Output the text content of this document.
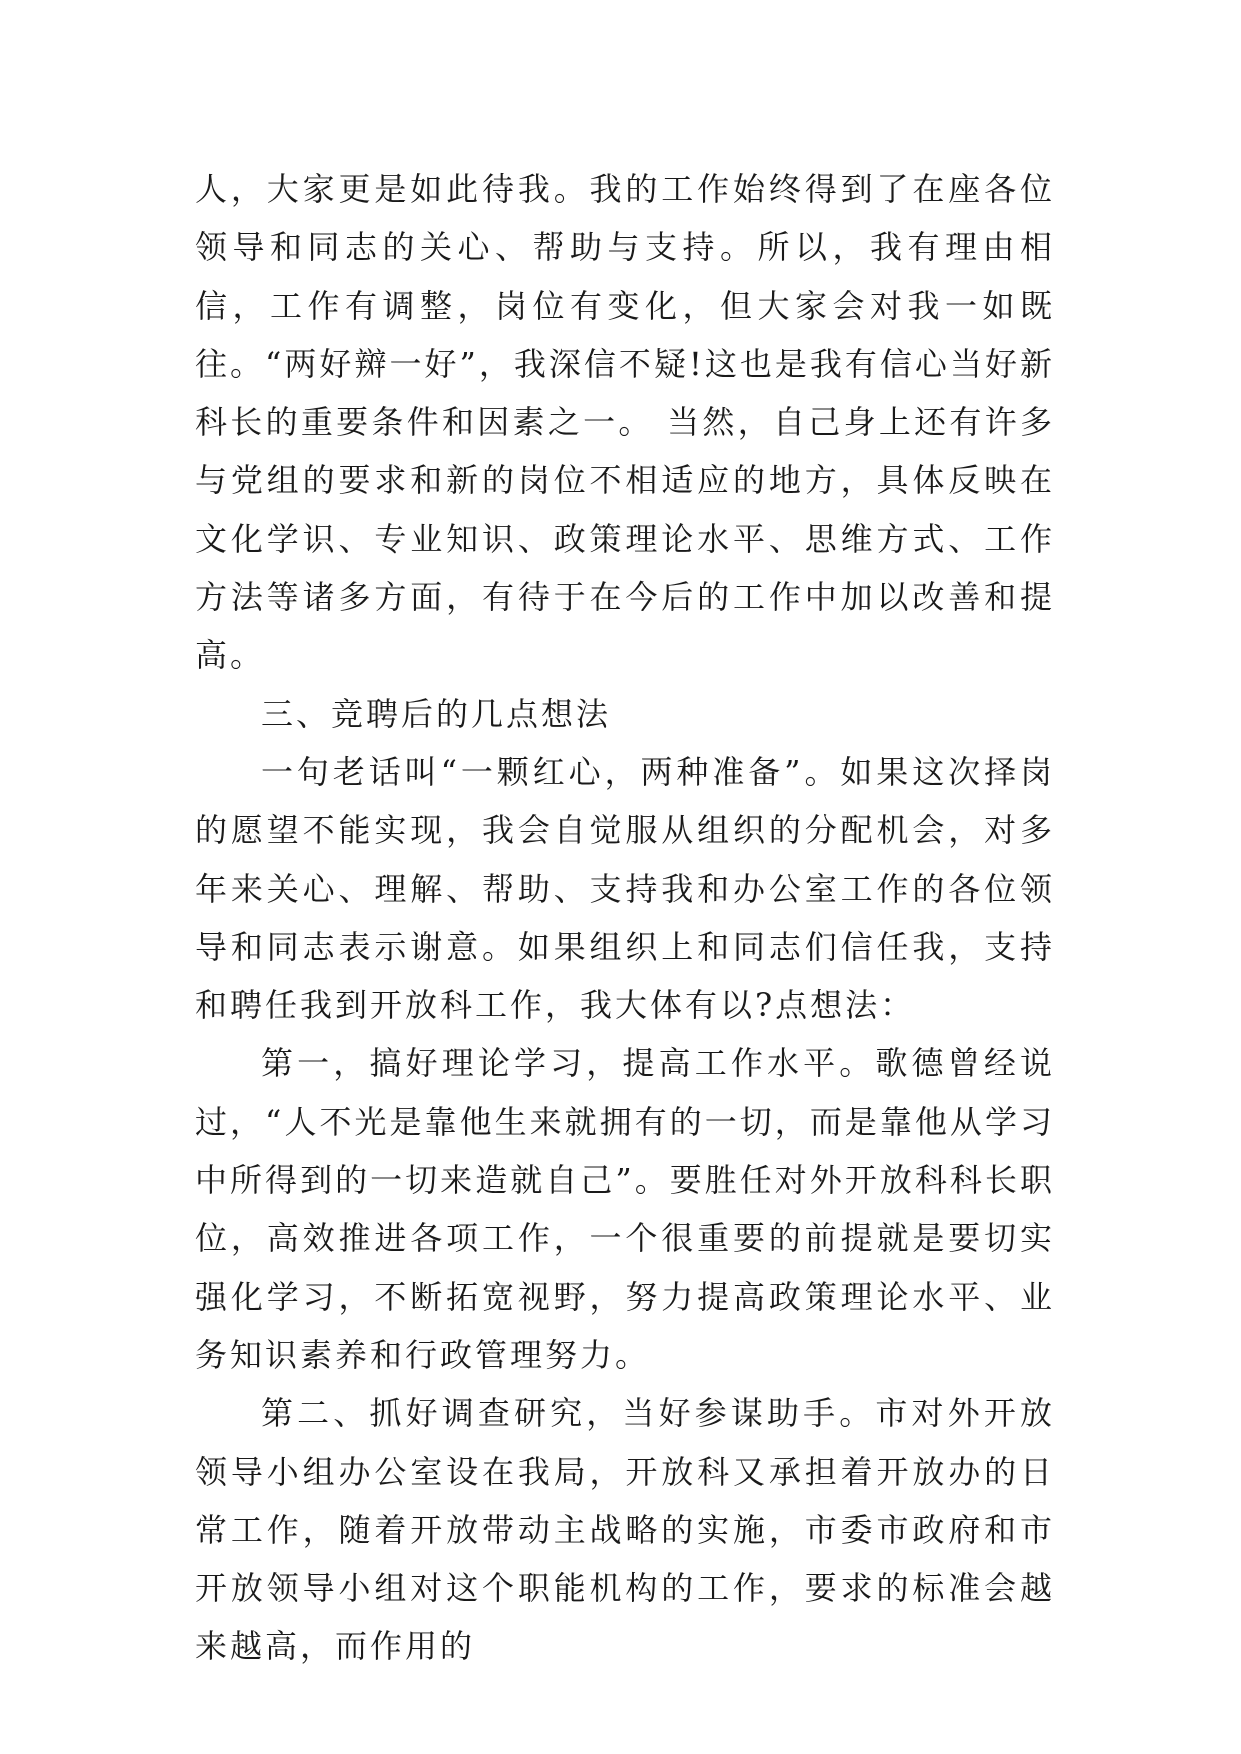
人，大家更是如此待我。我的工作始终得到了在座各位领导和同志的关心、帮助与支持。所以，我有理由相信，工作有调整，岗位有变化，但大家会对我一如既往。“两好辬一好”，我深信不疑!这也是我有信心当好新科长的重要条件和因素之一。 当然，自己身上还有许多与党组的要求和新的岗位不相适应的地方，具体反映在文化学识、专业知识、政策理论水平、思维方式、工作方法等诸多方面，有待于在今后的工作中加以改善和提高。

三、竞聘后的几点想法

一句老话叫“一颗红心，两种准备”。如果这次择岗的愿望不能实现，我会自觉服从组织的分配机会，对多年来关心、理解、帮助、支持我和办公室工作的各位领导和同志表示谢意。如果组织上和同志们信任我，支持和聘任我到开放科工作，我大体有以?点想法：

第一，搞好理论学习，提高工作水平。歌德曾经说过，“人不光是靠他生来就拥有的一切，而是靠他从学习中所得到的一切来造就自己”。要胜任对外开放科科长职位，高效推进各项工作，一个很重要的前提就是要切实强化学习，不断拓宽视野，努力提高政策理论水平、业务知识素养和行政管理努力。

第二、抓好调查研究，当好参谋助手。市对外开放领导小组办公室设在我局，开放科又承担着开放办的日常工作，随着开放带动主战略的实施，市委市政府和市开放领导小组对这个职能机构的工作，要求的标准会越来越高，而作用的
